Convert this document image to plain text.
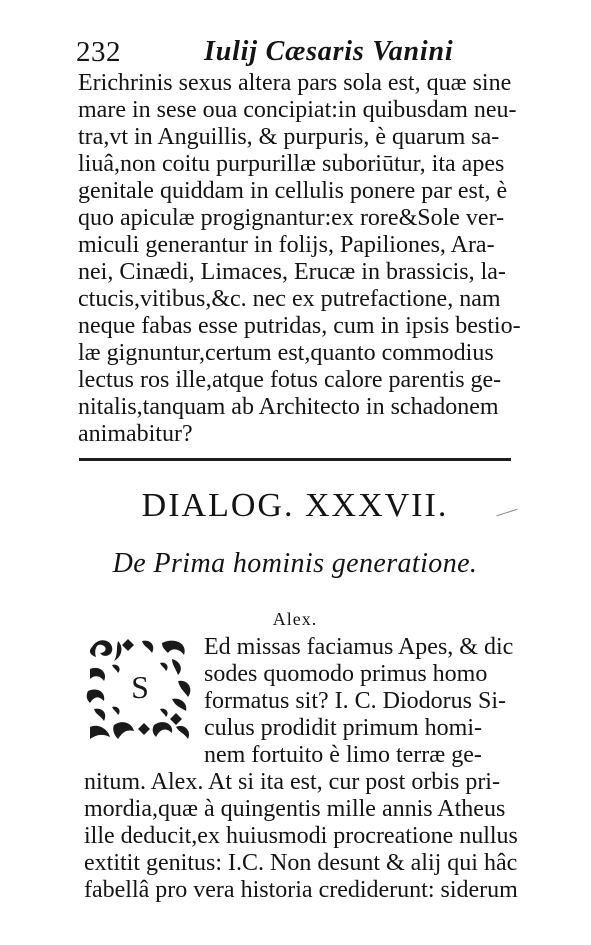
232	Iulij Cæsaris Vanini
Erichrinis sexus altera pars sola est, quæ sine
mare in sese oua concipiat:in quibusdam neu-
tra,vt in Anguillis, & purpuris, è quarum sa-
liuâ,non coitu purpurillæ suboriūtur, ita apes
genitale quiddam in cellulis ponere par est, è
quo apiculæ progignantur:ex rore&Sole ver-
miculi generantur in folijs, Papiliones, Ara-
nei, Cinædi, Limaces, Erucæ in brassicis, la-
ctucis,vitibus,&c. nec ex putrefactione, nam
neque fabas esse putridas, cum in ipsis bestio-
læ gignuntur,certum est,quanto commodius
lectus ros ille,atque fotus calore parentis ge-
nitalis,tanquam ab Architecto in schadonem
animabitur?
DIALOG. XXXVII.
De Prima hominis generatione.
Alex.
S
Ed missas faciamus Apes, & dic
sodes quomodo primus homo
formatus sit? I. C. Diodorus Si-
culus prodidit primum homi-
nem fortuito è limo terræ ge-
nitum. Alex. At si ita est, cur post orbis pri-
mordia,quæ à quingentis mille annis Atheus
ille deducit,ex huiusmodi procreatione nullus
extitit genitus: I.C. Non desunt & alij qui hâc
fabellâ pro vera historia crediderunt: siderum
